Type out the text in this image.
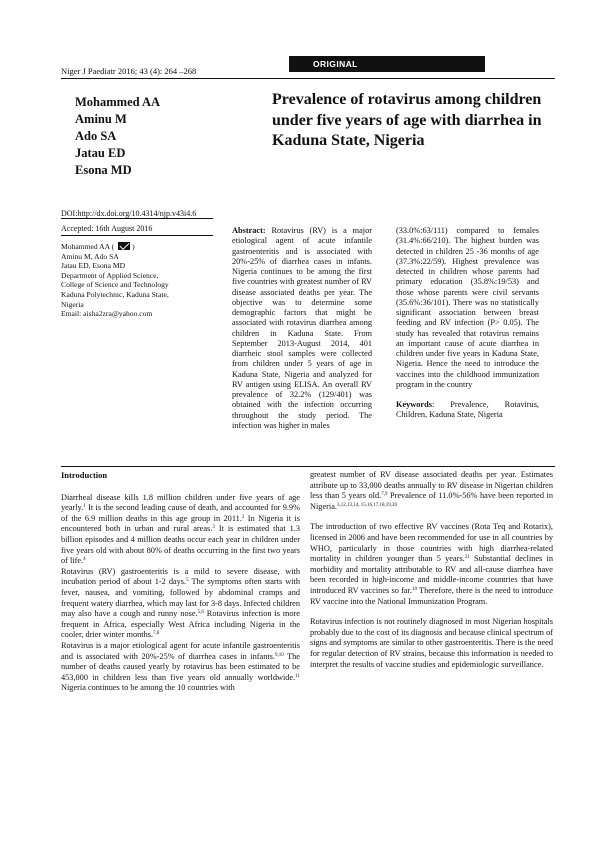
ORIGINAL
Niger J Paediatr 2016; 43 (4): 264 –268
Mohammed AA
Aminu M
Ado SA
Jatau ED
Esona MD
Prevalence of rotavirus among children under five years of age with diarrhea in Kaduna State, Nigeria
DOI:http://dx.doi.org/10.4314/njp.v43i4.6
Accepted: 16th August 2016
Mohammed AA ( )
Aminu M, Ado SA
Jatau ED, Esona MD
Department of Applied Science,
College of Science and Technology
Kaduna Polytechnic, Kaduna State,
Nigeria
Email: aisha2zra@yahoo.com
Abstract: Rotavirus (RV) is a major etiological agent of acute infantile gastroenteritis and is associated with 20%-25% of diarrhea cases in infants. Nigeria continues to be among the first five countries with greatest number of RV disease associated deaths per year. The objective was to determine some demographic factors that might be associated with rotavirus diarrhea among children in Kaduna State. From September 2013-August 2014, 401 diarrheic stool samples were collected from children under 5 years of age in Kaduna State, Nigeria and analyzed for RV antigen using ELISA. An overall RV prevalence of 32.2% (129/401) was obtained with the infection occurring throughout the study period. The infection was higher in males
(33.0%:63/111) compared to females (31.4%:66/210). The highest burden was detected in children 25 -36 months of age (37.3%:22/59). Highest prevalence was detected in children whose parents had primary education (35.8%:19/53) and those whose parents were civil servants (35.6%:36/101). There was no statistically significant association between breast feeding and RV infection (P> 0.05). The study has revealed that rotavirus remains an important cause of acute diarrhea in children under five years in Kaduna State, Nigeria. Hence the need to introduce the vaccines into the childhood immunization program in the country
Keywords: Prevalence, Rotavirus, Children, Kaduna State, Nigeria
Introduction

Diarrheal disease kills 1.8 million children under five years of age yearly.$^1$ It is the second leading cause of death, and accounted for 9.9% of the 6.9 million deaths in this age group in 2011.$^2$ In Nigeria it is encountered both in urban and rural areas.$^3$ It is estimated that 1.3 billion episodes and 4 million deaths occur each year in children under five years old with about 80% of deaths occurring in the first two years of life.$^4$

Rotavirus (RV) gastroenteritis is a mild to severe disease, with incubation period of about 1-2 days.$^5$ The symptoms often starts with fever, nausea, and vomiting, followed by abdominal cramps and frequent watery diarrhea, which may last for 3-8 days. Infected children may also have a cough and runny nose.$^{5,6}$ Rotavirus infection is more frequent in Africa, especially West Africa including Nigeria in the cooler, drier winter months.$^{7,8}$

Rotavirus is a major etiological agent for acute infantile gastroenteritis and is associated with 20%-25% of diarrhea cases in infants.$^{9,10}$ The number of deaths caused yearly by rotavirus has been estimated to be 453,000 in children less than five years old annually worldwide.$^{11}$ Nigeria continues to be among the 10 countries with

greatest number of RV disease associated deaths per year. Estimates attribute up to 33,000 deaths annually to RV disease in Nigerian children less than 5 years old.$^{7,9}$ Prevalence of 11.0%-56% have been reported in Nigeria.$^{3,12,13,14, 15,16,17,18,19,20}$

The introduction of two effective RV vaccines (Rota Teq and Rotarix), licensed in 2006 and have been recommended for use in all countries by WHO, particularly in those countries with high diarrhea-related mortality in children younger than 5 years.$^{21}$ Substantial declines in morbidity and mortality attributable to RV and all-cause diarrhea have been recorded in high-income and middle-income countries that have introduced RV vaccines so far.$^{10}$ Therefore, there is the need to introduce RV vaccine into the National Immunization Program.

Rotavirus infection is not routinely diagnosed in most Nigerian hospitals probably due to the cost of its diagnosis and because clinical spectrum of signs and symptoms are similar to other gastroenteritis. There is the need for regular detection of RV strains, because this information is needed to interpret the results of vaccine studies and epidemiologic surveillance.
